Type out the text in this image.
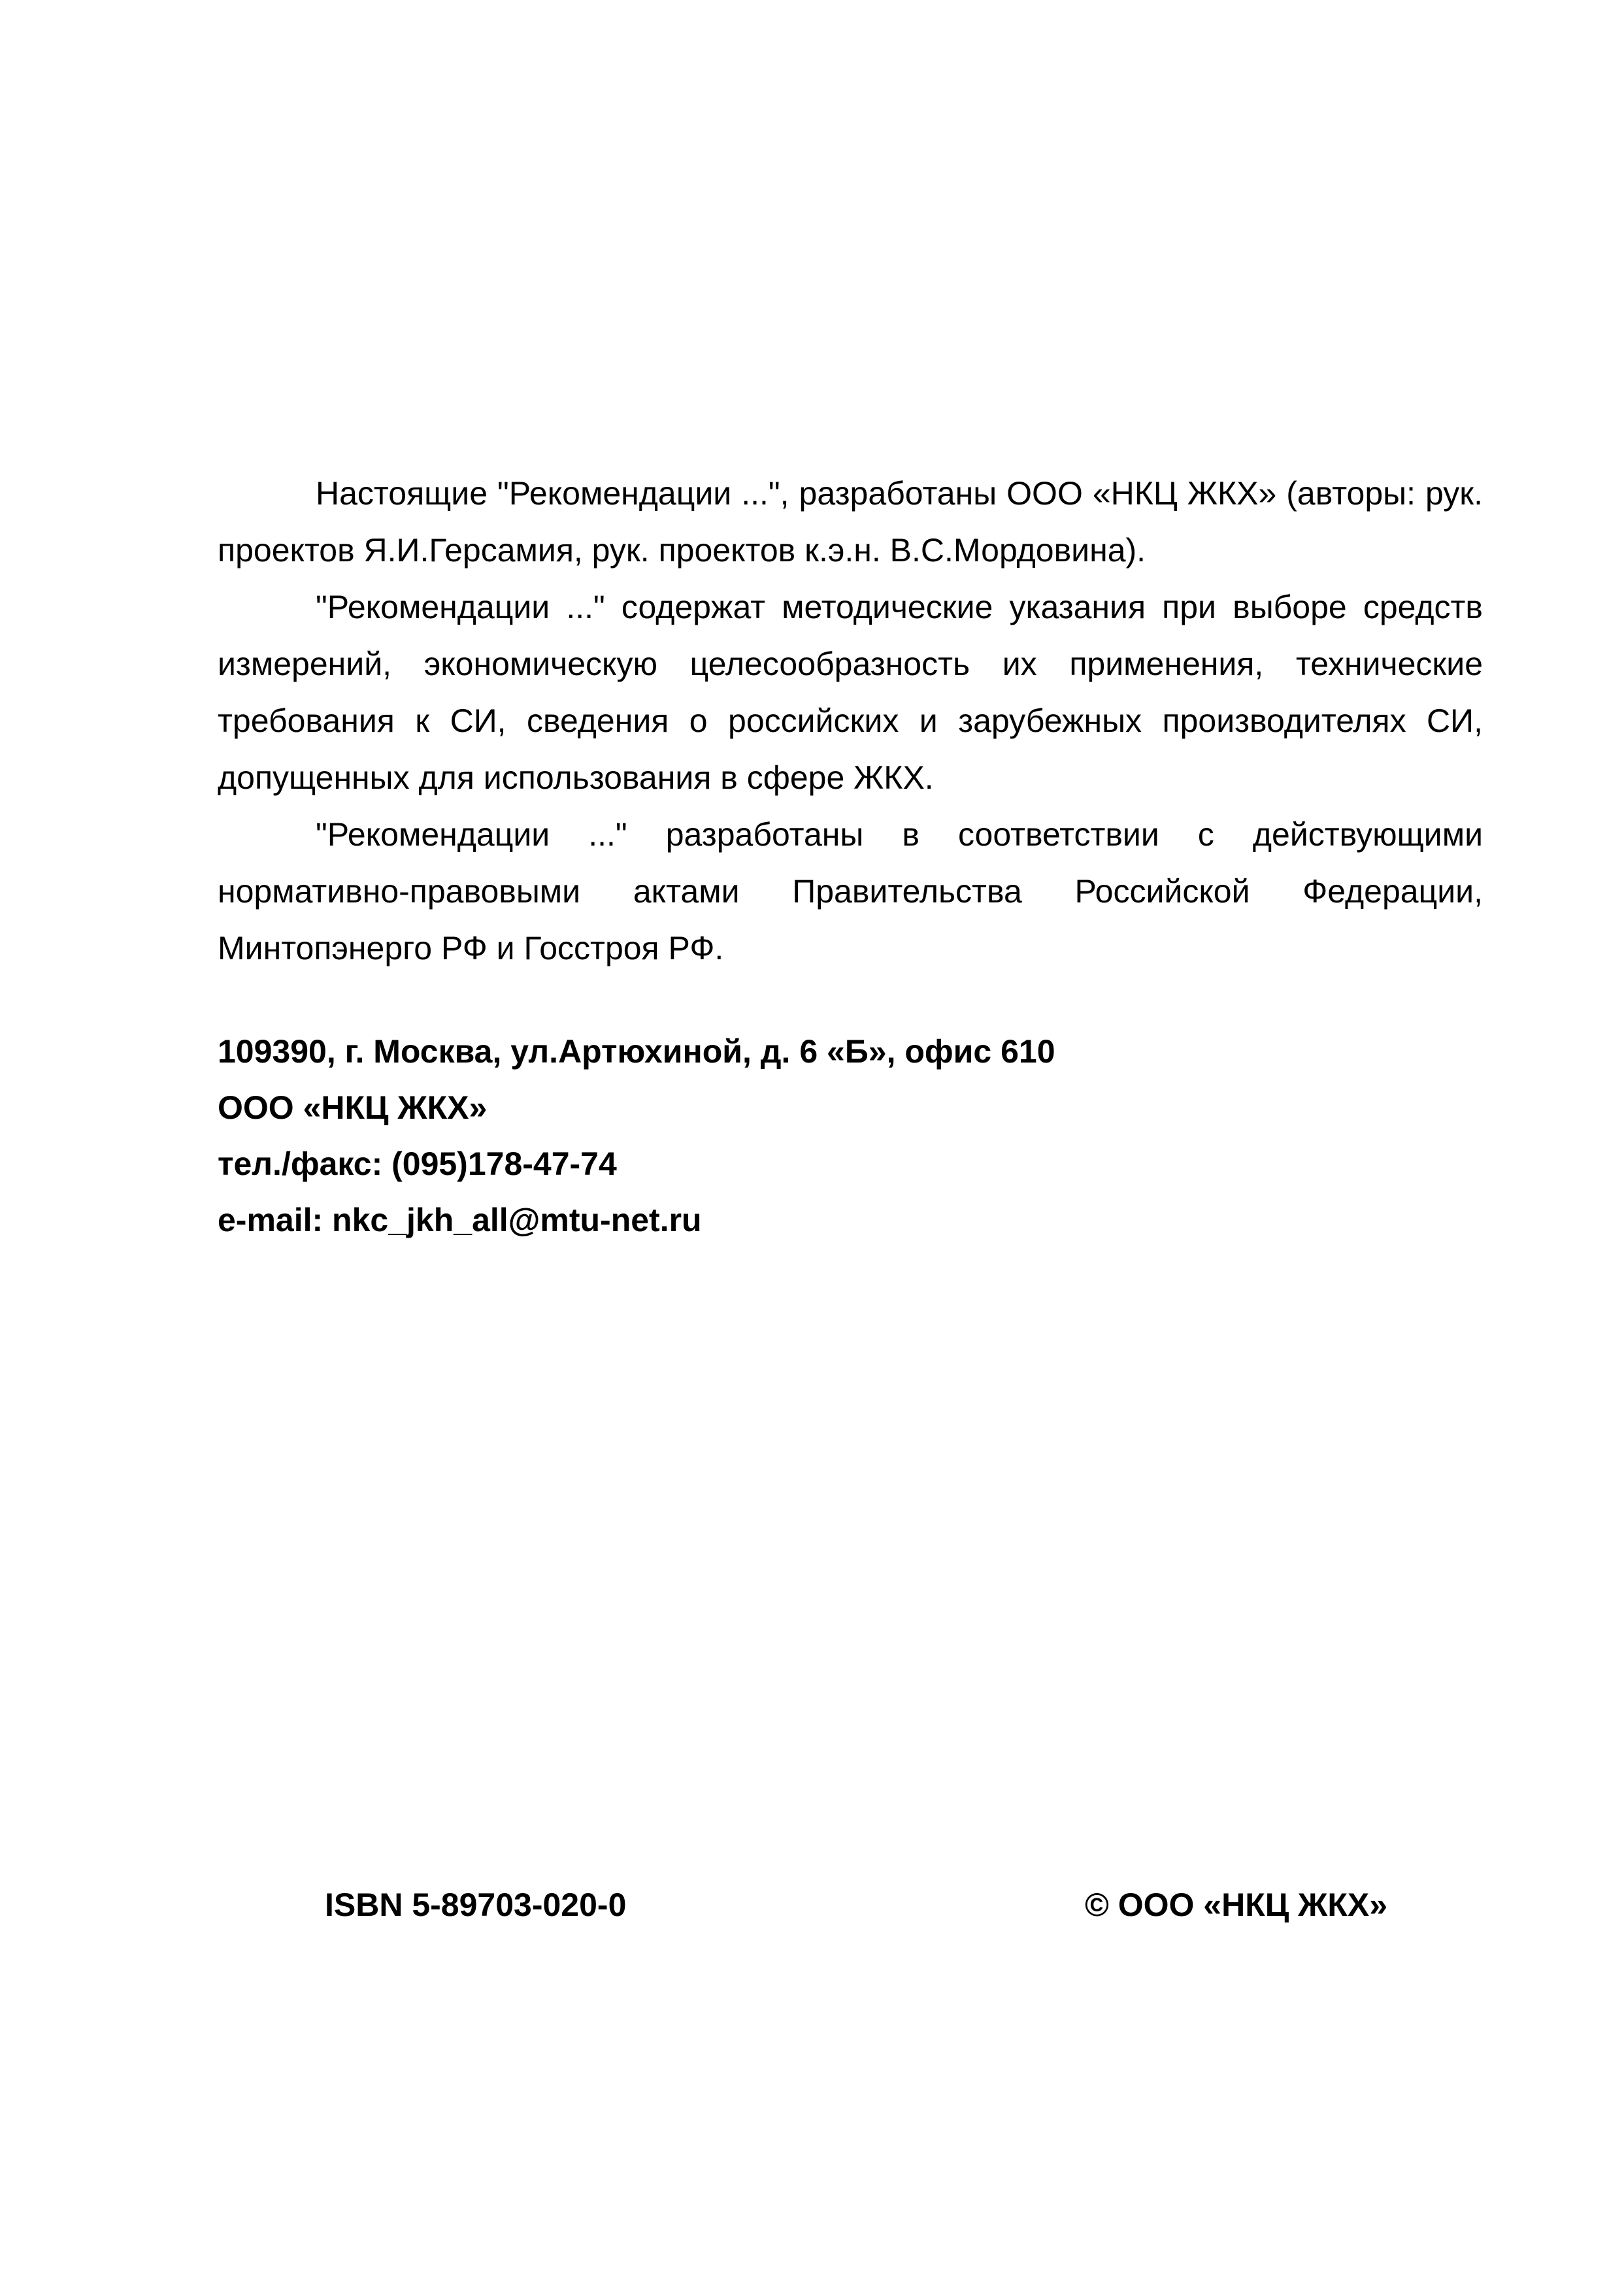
Настоящие "Рекомендации ...", разработаны ООО «НКЦ ЖКХ» (авторы: рук. проектов Я.И.Герсамия, рук. проектов к.э.н. В.С.Мордовина).

"Рекомендации ..." содержат методические указания при выборе средств измерений, экономическую целесообразность их применения, технические требования к СИ, сведения о российских и зарубежных производителях СИ, допущенных для использования в сфере ЖКХ.

"Рекомендации ..." разработаны в соответствии с действующими нормативно-правовыми актами Правительства Российской Федерации, Минтопэнерго РФ и Госстроя РФ.

109390, г. Москва, ул.Артюхиной, д. 6 «Б», офис 610
ООО «НКЦ ЖКХ»
тел./факс: (095)178-47-74
e-mail: nkc_jkh_all@mtu-net.ru
ISBN 5-89703-020-0	© ООО «НКЦ ЖКХ»
